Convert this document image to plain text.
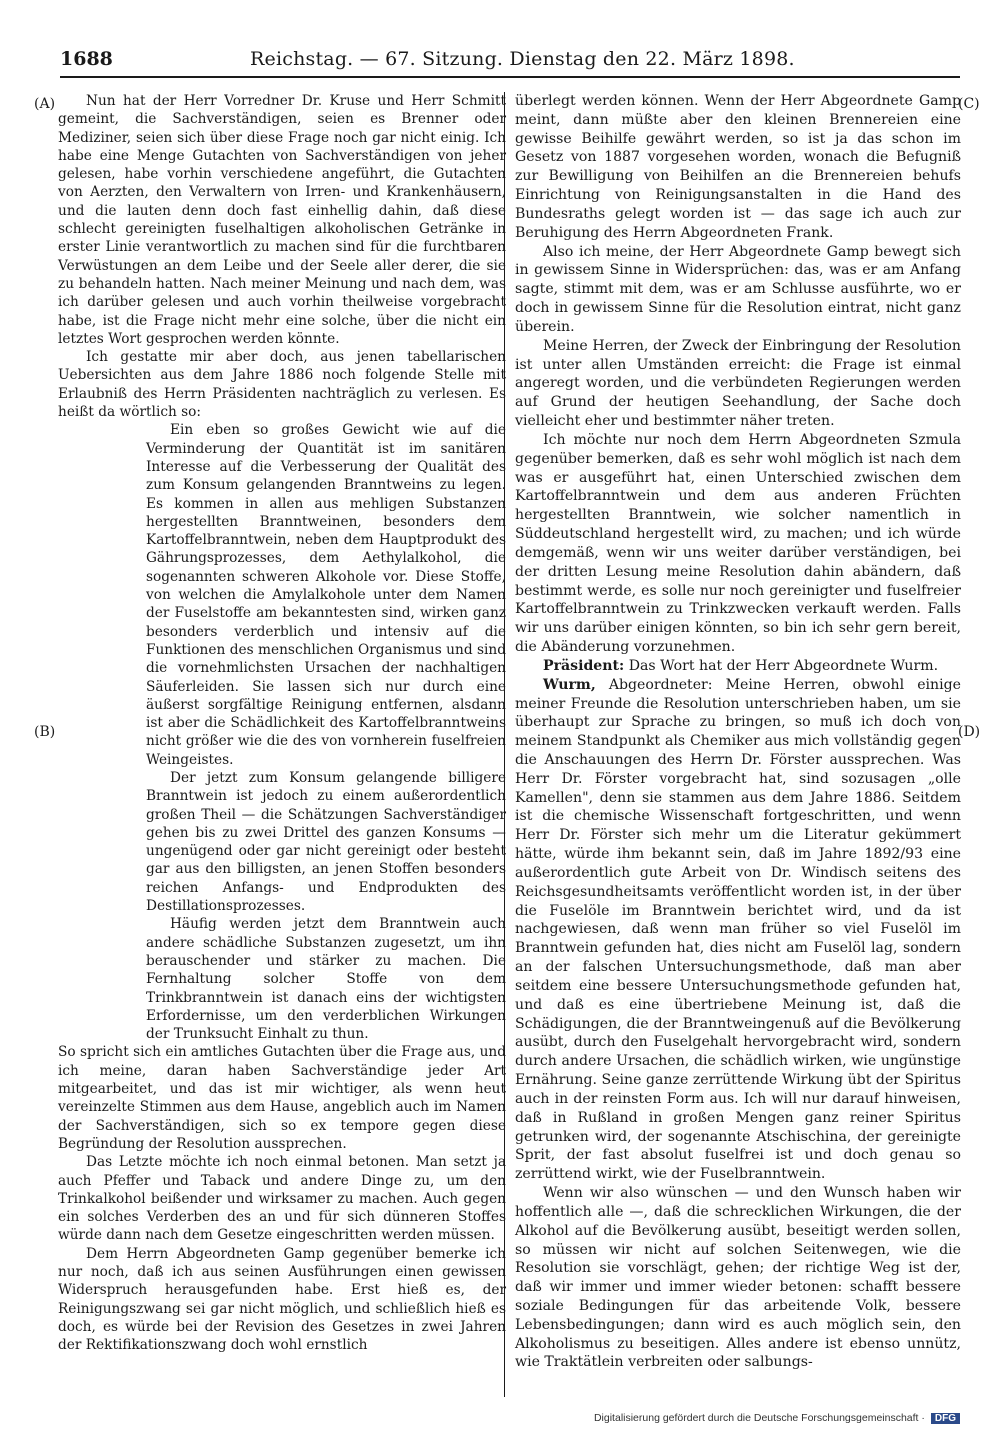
1688	Reichstag. — 67. Sitzung. Dienstag den 22. März 1898.
(A)
(B)
(C)
(D)

Nun hat der Herr Vorredner Dr. Kruse und Herr Schmitt gemeint, die Sachverständigen, seien es Brenner oder Mediziner, seien sich über diese Frage noch gar nicht einig. Ich habe eine Menge Gutachten von Sachverständigen von jeher gelesen, habe vorhin verschiedene angeführt, die Gutachten von Aerzten, den Verwaltern von Irren- und Krankenhäusern, und die lauten denn doch fast einhellig dahin, daß diese schlecht gereinigten fuselhaltigen alkoholischen Getränke in erster Linie verantwortlich zu machen sind für die furchtbaren Verwüstungen an dem Leibe und der Seele aller derer, die sie zu behandeln hatten. Nach meiner Meinung und nach dem, was ich darüber gelesen und auch vorhin theilweise vorgebracht habe, ist die Frage nicht mehr eine solche, über die nicht ein letztes Wort gesprochen werden könnte.

Ich gestatte mir aber doch, aus jenen tabellarischen Uebersichten aus dem Jahre 1886 noch folgende Stelle mit Erlaubniß des Herrn Präsidenten nachträglich zu verlesen. Es heißt da wörtlich so:

Ein eben so großes Gewicht wie auf die Verminderung der Quantität ist im sanitären Interesse auf die Verbesserung der Qualität des zum Konsum gelangenden Branntweins zu legen. Es kommen in allen aus mehligen Substanzen hergestellten Branntweinen, besonders dem Kartoffelbranntwein, neben dem Hauptprodukt des Gährungsprozesses, dem Aethylalkohol, die sogenannten schweren Alkohole vor. Diese Stoffe, von welchen die Amylalkohole unter dem Namen der Fuselstoffe am bekanntesten sind, wirken ganz besonders verderblich und intensiv auf die Funktionen des menschlichen Organismus und sind die vornehmlichsten Ursachen der nachhaltigen Säuferleiden. Sie lassen sich nur durch eine äußerst sorgfältige Reinigung entfernen, alsdann ist aber die Schädlichkeit des Kartoffelbranntweins nicht größer wie die des von vornherein fuselfreien Weingeistes.

Der jetzt zum Konsum gelangende billigere Branntwein ist jedoch zu einem außerordentlich großen Theil — die Schätzungen Sachverständiger gehen bis zu zwei Drittel des ganzen Konsums — ungenügend oder gar nicht gereinigt oder besteht gar aus den billigsten, an jenen Stoffen besonders reichen Anfangs- und Endprodukten des Destillationsprozesses.

Häufig werden jetzt dem Branntwein auch andere schädliche Substanzen zugesetzt, um ihn berauschender und stärker zu machen. Die Fernhaltung solcher Stoffe von dem Trinkbranntwein ist danach eins der wichtigsten Erfordernisse, um den verderblichen Wirkungen der Trunksucht Einhalt zu thun.

So spricht sich ein amtliches Gutachten über die Frage aus, und ich meine, daran haben Sachverständige jeder Art mitgearbeitet, und das ist mir wichtiger, als wenn heut vereinzelte Stimmen aus dem Hause, angeblich auch im Namen der Sachverständigen, sich so ex tempore gegen diese Begründung der Resolution aussprechen.

Das Letzte möchte ich noch einmal betonen. Man setzt ja auch Pfeffer und Taback und andere Dinge zu, um den Trinkalkohol beißender und wirksamer zu machen. Auch gegen ein solches Verderben des an und für sich dünneren Stoffes würde dann nach dem Gesetze eingeschritten werden müssen.

Dem Herrn Abgeordneten Gamp gegenüber bemerke ich nur noch, daß ich aus seinen Ausführungen einen gewissen Widerspruch herausgefunden habe. Erst hieß es, der Reinigungszwang sei gar nicht möglich, und schließlich hieß es doch, es würde bei der Revision des Gesetzes in zwei Jahren der Rektifikationszwang doch wohl ernstlich

überlegt werden können. Wenn der Herr Abgeordnete Gamp meint, dann müßte aber den kleinen Brennereien eine gewisse Beihilfe gewährt werden, so ist ja das schon im Gesetz von 1887 vorgesehen worden, wonach die Befugniß zur Bewilligung von Beihilfen an die Brennereien behufs Einrichtung von Reinigungsanstalten in die Hand des Bundesraths gelegt worden ist — das sage ich auch zur Beruhigung des Herrn Abgeordneten Frank.

Also ich meine, der Herr Abgeordnete Gamp bewegt sich in gewissem Sinne in Widersprüchen: das, was er am Anfang sagte, stimmt mit dem, was er am Schlusse ausführte, wo er doch in gewissem Sinne für die Resolution eintrat, nicht ganz überein.

Meine Herren, der Zweck der Einbringung der Resolution ist unter allen Umständen erreicht: die Frage ist einmal angeregt worden, und die verbündeten Regierungen werden auf Grund der heutigen Seehandlung, der Sache doch vielleicht eher und bestimmter näher treten.

Ich möchte nur noch dem Herrn Abgeordneten Szmula gegenüber bemerken, daß es sehr wohl möglich ist nach dem was er ausgeführt hat, einen Unterschied zwischen dem Kartoffelbranntwein und dem aus anderen Früchten hergestellten Branntwein, wie solcher namentlich in Süddeutschland hergestellt wird, zu machen; und ich würde demgemäß, wenn wir uns weiter darüber verständigen, bei der dritten Lesung meine Resolution dahin abändern, daß bestimmt werde, es solle nur noch gereinigter und fuselfreier Kartoffelbranntwein zu Trinkzwecken verkauft werden. Falls wir uns darüber einigen könnten, so bin ich sehr gern bereit, die Abänderung vorzunehmen.

Präsident: Das Wort hat der Herr Abgeordnete Wurm.

Wurm, Abgeordneter: Meine Herren, obwohl einige meiner Freunde die Resolution unterschrieben haben, um sie überhaupt zur Sprache zu bringen, so muß ich doch von meinem Standpunkt als Chemiker aus mich vollständig gegen die Anschauungen des Herrn Dr. Förster aussprechen. Was Herr Dr. Förster vorgebracht hat, sind sozusagen „olle Kamellen", denn sie stammen aus dem Jahre 1886. Seitdem ist die chemische Wissenschaft fortgeschritten, und wenn Herr Dr. Förster sich mehr um die Literatur gekümmert hätte, würde ihm bekannt sein, daß im Jahre 1892/93 eine außerordentlich gute Arbeit von Dr. Windisch seitens des Reichsgesundheitsamts veröffentlicht worden ist, in der über die Fuselöle im Branntwein berichtet wird, und da ist nachgewiesen, daß wenn man früher so viel Fuselöl im Branntwein gefunden hat, dies nicht am Fuselöl lag, sondern an der falschen Untersuchungsmethode, daß man aber seitdem eine bessere Untersuchungsmethode gefunden hat, und daß es eine übertriebene Meinung ist, daß die Schädigungen, die der Branntweingenuß auf die Bevölkerung ausübt, durch den Fuselgehalt hervorgebracht wird, sondern durch andere Ursachen, die schädlich wirken, wie ungünstige Ernährung. Seine ganze zerrüttende Wirkung übt der Spiritus auch in der reinsten Form aus. Ich will nur darauf hinweisen, daß in Rußland in großen Mengen ganz reiner Spiritus getrunken wird, der sogenannte Atschischina, der gereinigte Sprit, der fast absolut fuselfrei ist und doch genau so zerrüttend wirkt, wie der Fuselbranntwein.

Wenn wir also wünschen — und den Wunsch haben wir hoffentlich alle —, daß die schrecklichen Wirkungen, die der Alkohol auf die Bevölkerung ausübt, beseitigt werden sollen, so müssen wir nicht auf solchen Seitenwegen, wie die Resolution sie vorschlägt, gehen; der richtige Weg ist der, daß wir immer und immer wieder betonen: schafft bessere soziale Bedingungen für das arbeitende Volk, bessere Lebensbedingungen; dann wird es auch möglich sein, den Alkoholismus zu beseitigen. Alles andere ist ebenso unnütz, wie Traktätlein verbreiten oder salbungs-

Digitalisierung gefördert durch die Deutsche Forschungsgemeinschaft · DFG
